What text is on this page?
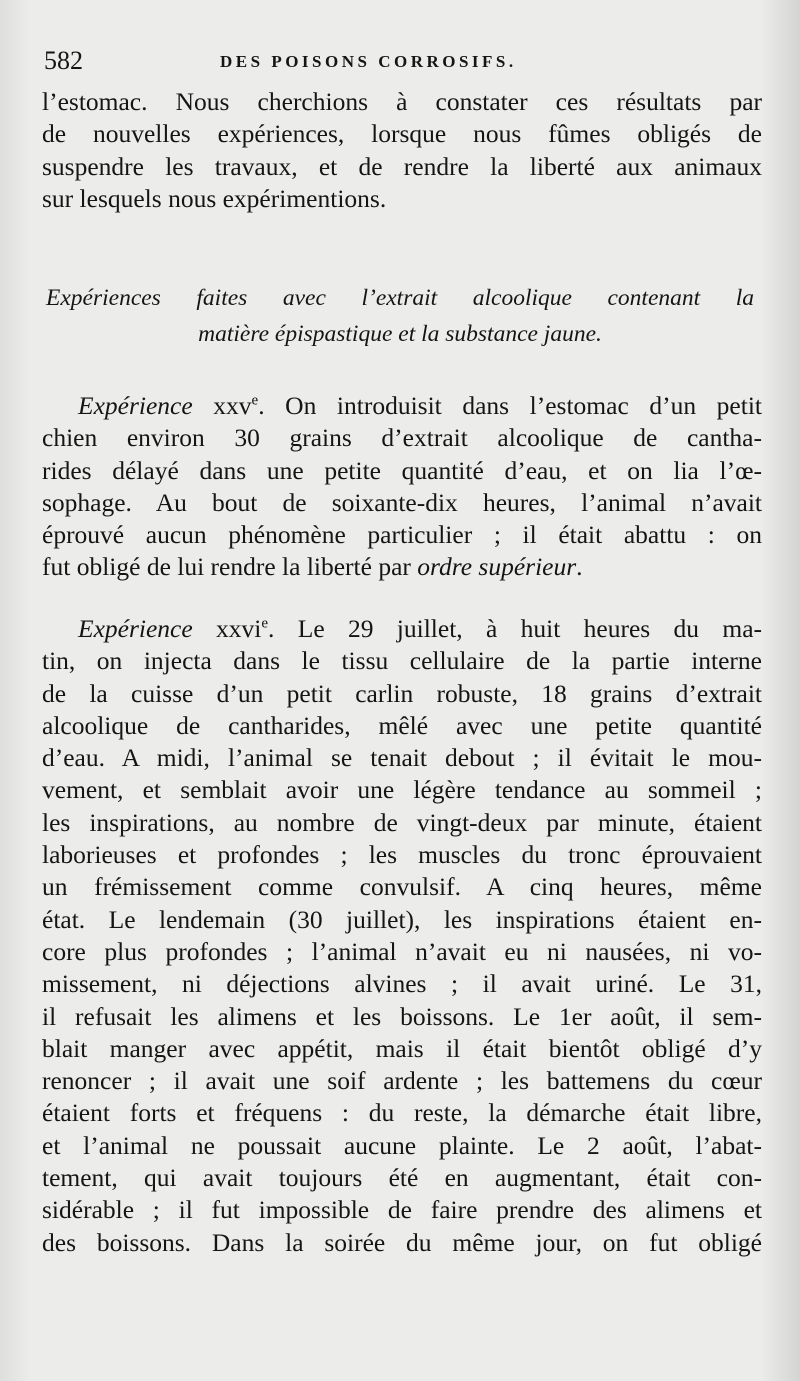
582	DES POISONS CORROSIFS.
l’estomac. Nous cherchions à constater ces résultats par
de nouvelles expériences, lorsque nous fûmes obligés de
suspendre les travaux, et de rendre la liberté aux animaux
sur lesquels nous expérimentions.
Expériences faites avec l’extrait alcoolique contenant la
matière épispastique et la substance jaune.
Expérience xxv$^e$. On introduisit dans l’estomac d’un petit
chien environ 30 grains d’extrait alcoolique de cantha-
rides délayé dans une petite quantité d’eau, et on lia l’œ-
sophage. Au bout de soixante-dix heures, l’animal n’avait
éprouvé aucun phénomène particulier ; il était abattu : on
fut obligé de lui rendre la liberté par ordre supérieur.
Expérience xxvi$^e$. Le 29 juillet, à huit heures du ma-
tin, on injecta dans le tissu cellulaire de la partie interne
de la cuisse d’un petit carlin robuste, 18 grains d’extrait
alcoolique de cantharides, mêlé avec une petite quantité
d’eau. A midi, l’animal se tenait debout ; il évitait le mou-
vement, et semblait avoir une légère tendance au sommeil ;
les inspirations, au nombre de vingt-deux par minute, étaient
laborieuses et profondes ; les muscles du tronc éprouvaient
un frémissement comme convulsif. A cinq heures, même
état. Le lendemain (30 juillet), les inspirations étaient en-
core plus profondes ; l’animal n’avait eu ni nausées, ni vo-
missement, ni déjections alvines ; il avait uriné. Le 31,
il refusait les alimens et les boissons. Le 1er août, il sem-
blait manger avec appétit, mais il était bientôt obligé d’y
renoncer ; il avait une soif ardente ; les battemens du cœur
étaient forts et fréquens : du reste, la démarche était libre,
et l’animal ne poussait aucune plainte. Le 2 août, l’abat-
tement, qui avait toujours été en augmentant, était con-
sidérable ; il fut impossible de faire prendre des alimens et
des boissons. Dans la soirée du même jour, on fut obligé
